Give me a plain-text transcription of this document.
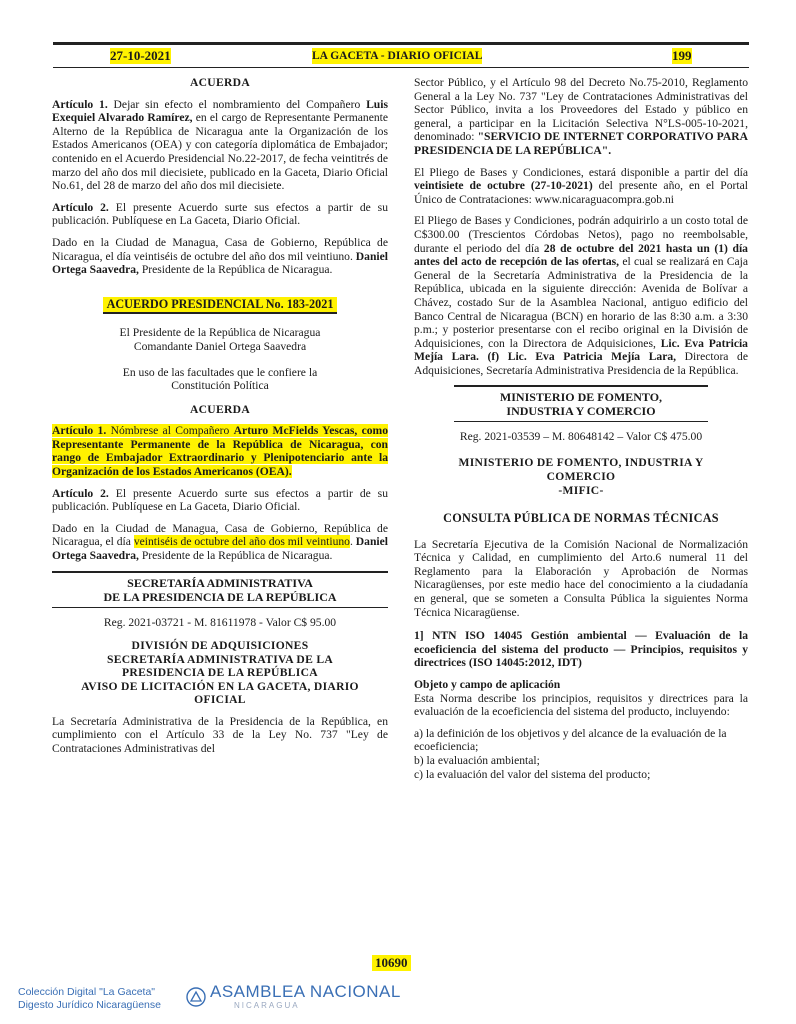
27-10-2021	LA GACETA - DIARIO OFICIAL	199
ACUERDA

Artículo 1. Dejar sin efecto el nombramiento del Compañero Luis Exequiel Alvarado Ramírez, en el cargo de Representante Permanente Alterno de la República de Nicaragua ante la Organización de los Estados Americanos (OEA) y con categoría diplomática de Embajador; contenido en el Acuerdo Presidencial No.22-2017, de fecha veintitrés de marzo del año dos mil diecisiete, publicado en la Gaceta, Diario Oficial No.61, del 28 de marzo del año dos mil diecisiete.

Artículo 2. El presente Acuerdo surte sus efectos a partir de su publicación. Publíquese en La Gaceta, Diario Oficial.

Dado en la Ciudad de Managua, Casa de Gobierno, República de Nicaragua, el día veintiséis de octubre del año dos mil veintiuno. Daniel Ortega Saavedra, Presidente de la República de Nicaragua.

ACUERDO PRESIDENCIAL No. 183-2021
El Presidente de la República de Nicaragua
Comandante Daniel Ortega Saavedra
En uso de las facultades que le confiere la
Constitución Política
ACUERDA

Artículo 1. Nómbrese al Compañero Arturo McFields Yescas, como Representante Permanente de la República de Nicaragua, con rango de Embajador Extraordinario y Plenipotenciario ante la Organización de los Estados Americanos (OEA).

Artículo 2. El presente Acuerdo surte sus efectos a partir de su publicación. Publíquese en La Gaceta, Diario Oficial.

Dado en la Ciudad de Managua, Casa de Gobierno, República de Nicaragua, el día veintiséis de octubre del año dos mil veintiuno. Daniel Ortega Saavedra, Presidente de la República de Nicaragua.

SECRETARÍA ADMINISTRATIVA
DE LA PRESIDENCIA DE LA REPÚBLICA
Reg. 2021-03721 - M. 81611978 - Valor C$ 95.00
DIVISIÓN DE ADQUISICIONES
SECRETARÍA ADMINISTRATIVA DE LA
PRESIDENCIA DE LA REPÚBLICA
AVISO DE LICITACIÓN EN LA GACETA, DIARIO
OFICIAL

La Secretaría Administrativa de la Presidencia de la República, en cumplimiento con el Artículo 33 de la Ley No. 737 "Ley de Contrataciones Administrativas del

Sector Público, y el Artículo 98 del Decreto No.75-2010, Reglamento General a la Ley No. 737 "Ley de Contrataciones Administrativas del Sector Público, invita a los Proveedores del Estado y público en general, a participar en la Licitación Selectiva N°LS-005-10-2021, denominado: "SERVICIO DE INTERNET CORPORATIVO PARA PRESIDENCIA DE LA REPÚBLICA".

El Pliego de Bases y Condiciones, estará disponible a partir del día veintisiete de octubre (27-10-2021) del presente año, en el Portal Único de Contrataciones: www.nicaraguacompra.gob.ni

El Pliego de Bases y Condiciones, podrán adquirirlo a un costo total de C$300.00 (Trescientos Córdobas Netos), pago no reembolsable, durante el periodo del día 28 de octubre del 2021 hasta un (1) día antes del acto de recepción de las ofertas, el cual se realizará en Caja General de la Secretaría Administrativa de la Presidencia de la República, ubicada en la siguiente dirección: Avenida de Bolívar a Chávez, costado Sur de la Asamblea Nacional, antiguo edificio del Banco Central de Nicaragua (BCN) en horario de las 8:30 a.m. a 3:30 p.m.; y posterior presentarse con el recibo original en la División de Adquisiciones, con la Directora de Adquisiciones, Lic. Eva Patricia Mejía Lara. (f) Lic. Eva Patricia Mejía Lara, Directora de Adquisiciones, Secretaría Administrativa Presidencia de la República.

MINISTERIO DE FOMENTO,
INDUSTRIA Y COMERCIO
Reg. 2021-03539 – M. 80648142 – Valor C$ 475.00
MINISTERIO DE FOMENTO, INDUSTRIA Y
COMERCIO
-MIFIC-
CONSULTA PÚBLICA DE NORMAS TÉCNICAS

La Secretaría Ejecutiva de la Comisión Nacional de Normalización Técnica y Calidad, en cumplimiento del Arto.6 numeral 11 del Reglamento para la Elaboración y Aprobación de Normas Nicaragüenses, por este medio hace del conocimiento a la ciudadanía en general, que se someten a Consulta Pública la siguientes Norma Técnica Nicaragüense.

1] NTN ISO 14045 Gestión ambiental — Evaluación de la ecoeficiencia del sistema del producto — Principios, requisitos y directrices (ISO 14045:2012, IDT)

Objeto y campo de aplicación

Esta Norma describe los principios, requisitos y directrices para la evaluación de la ecoeficiencia del sistema del producto, incluyendo:

a) la definición de los objetivos y del alcance de la evaluación de la ecoeficiencia;
b) la evaluación ambiental;
c) la evaluación del valor del sistema del producto;
10690
Colección Digital "La Gaceta"
Digesto Jurídico Nicaragüense
ASAMBLEA NACIONAL
NICARAGUA
